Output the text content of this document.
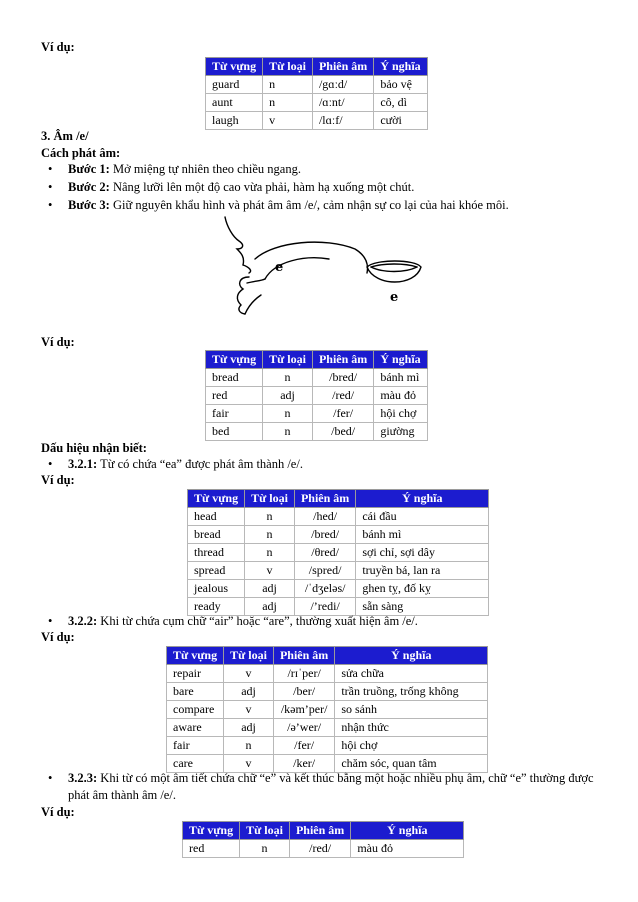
Ví dụ:
Từ vựng	Từ loại	Phiên âm	Ý nghĩa
guard	n	/gɑːd/	bảo vệ
aunt	n	/ɑːnt/	cô, dì
laugh	v	/lɑːf/	cười
3. Âm /e/
Cách phát âm:
• Bước 1: Mở miệng tự nhiên theo chiều ngang.
• Bước 2: Nâng lưỡi lên một độ cao vừa phải, hàm hạ xuống một chút.
• Bước 3: Giữ nguyên khẩu hình và phát âm âm /e/, cảm nhận sự co lại của hai khóe môi.
e
e
Ví dụ:
Từ vựng	Từ loại	Phiên âm	Ý nghĩa
bread	n	/bred/	bánh mì
red	adj	/red/	màu đỏ
fair	n	/fer/	hội chợ
bed	n	/bed/	giường
Dấu hiệu nhận biết:
• 3.2.1: Từ có chứa “ea” được phát âm thành /e/.
Ví dụ:
Từ vựng	Từ loại	Phiên âm	Ý nghĩa
head	n	/hed/	cái đầu
bread	n	/bred/	bánh mì
thread	n	/θred/	sợi chỉ, sợi dây
spread	v	/spred/	truyền bá, lan ra
jealous	adj	/ˈdʒeləs/	ghen tỵ, đố kỵ
ready	adj	/’redi/	sẵn sàng
• 3.2.2: Khi từ chứa cụm chữ “air” hoặc “are”, thường xuất hiện âm /e/.
Ví dụ:
Từ vựng	Từ loại	Phiên âm	Ý nghĩa
repair	v	/rɪˈper/	sửa chữa
bare	adj	/ber/	trần truồng, trống không
compare	v	/kəm’per/	so sánh
aware	adj	/ə’wer/	nhận thức
fair	n	/fer/	hội chợ
care	v	/ker/	chăm sóc, quan tâm
• 3.2.3: Khi từ có một âm tiết chứa chữ “e” và kết thúc bằng một hoặc nhiều phụ âm, chữ “e” thường được phát âm thành âm /e/.
Ví dụ:
Từ vựng	Từ loại	Phiên âm	Ý nghĩa
red	n	/red/	màu đỏ
